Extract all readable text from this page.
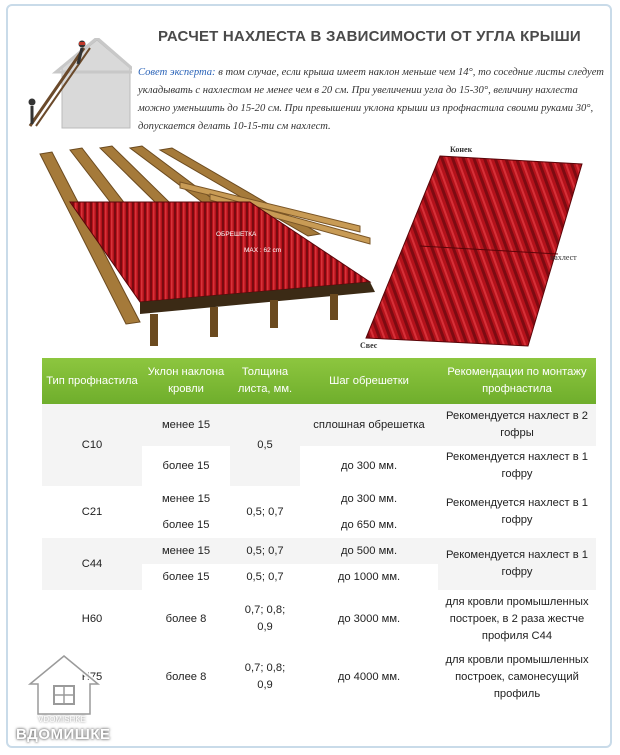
РАСЧЕТ НАХЛЕСТА В ЗАВИСИМОСТИ ОТ УГЛА КРЫШИ
Совет эксперта: в том случае, если крыша имеет наклон меньше чем 14°, то соседние листы следует укладывать с нахлестом не менее чем в 20 см. При увеличении угла до 15-30°, величину нахлеста можно уменьшить до 15-20 см. При превышении уклона крыши из профнастила своими руками 30°, допускается делать 10-15-ти см нахлест.
ОБРЕШЕТКА
MAX : 62 cm
Конек
нахлест
Свес
Тип профнастила	Уклон наклона кровли	Толщина листа, мм.	Шаг обрешетки	Рекомендации по монтажу профнастила
С10	менее 15	0,5	сплошная обрешетка	Рекомендуется нахлест в 2 гофры
	более 15		до 300 мм.	Рекомендуется нахлест в 1 гофру
С21	менее 15	0,5; 0,7	до 300 мм.	Рекомендуется нахлест в 1 гофру
	более 15		до 650 мм.	
С44	менее 15	0,5; 0,7	до 500 мм.	Рекомендуется нахлест в 1 гофру
	более 15	0,5; 0,7	до 1000 мм.	
Н60	более 8	0,7; 0,8; 0,9	до 3000 мм.	для кровли промышленных построек, в 2 раза жестче профиля С44
Н75	более 8	0,7; 0,8; 0,9	до 4000 мм.	для кровли промышленных построек, самонесущий профиль
VDOMISHKE
ВДОМИШКЕ
